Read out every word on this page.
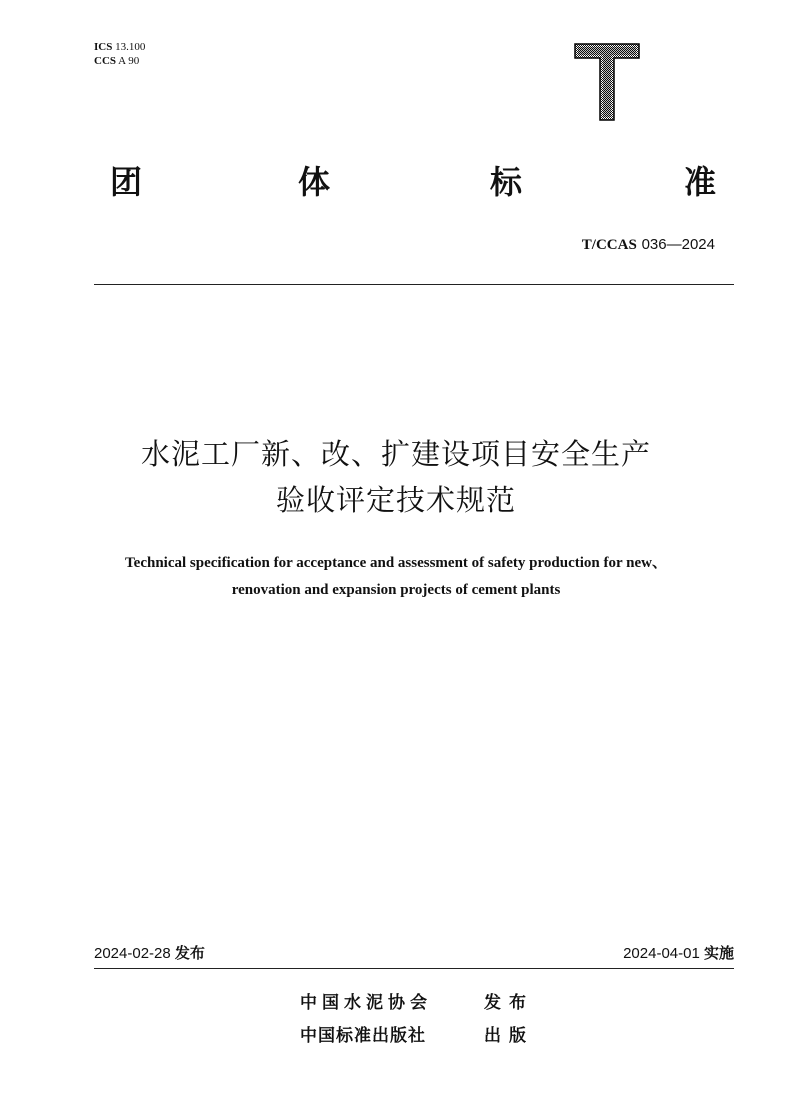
ICS 13.100
CCS A 90
团	体	标	准
T/CCAS 036—2024
水泥工厂新、改、扩建设项目安全生产
验收评定技术规范
Technical specification for acceptance and assessment of safety production for new、
renovation and expansion projects of cement plants
2024-02-28 发布	2024-04-01 实施
中国水泥协会	发布
中国标准出版社	出版
